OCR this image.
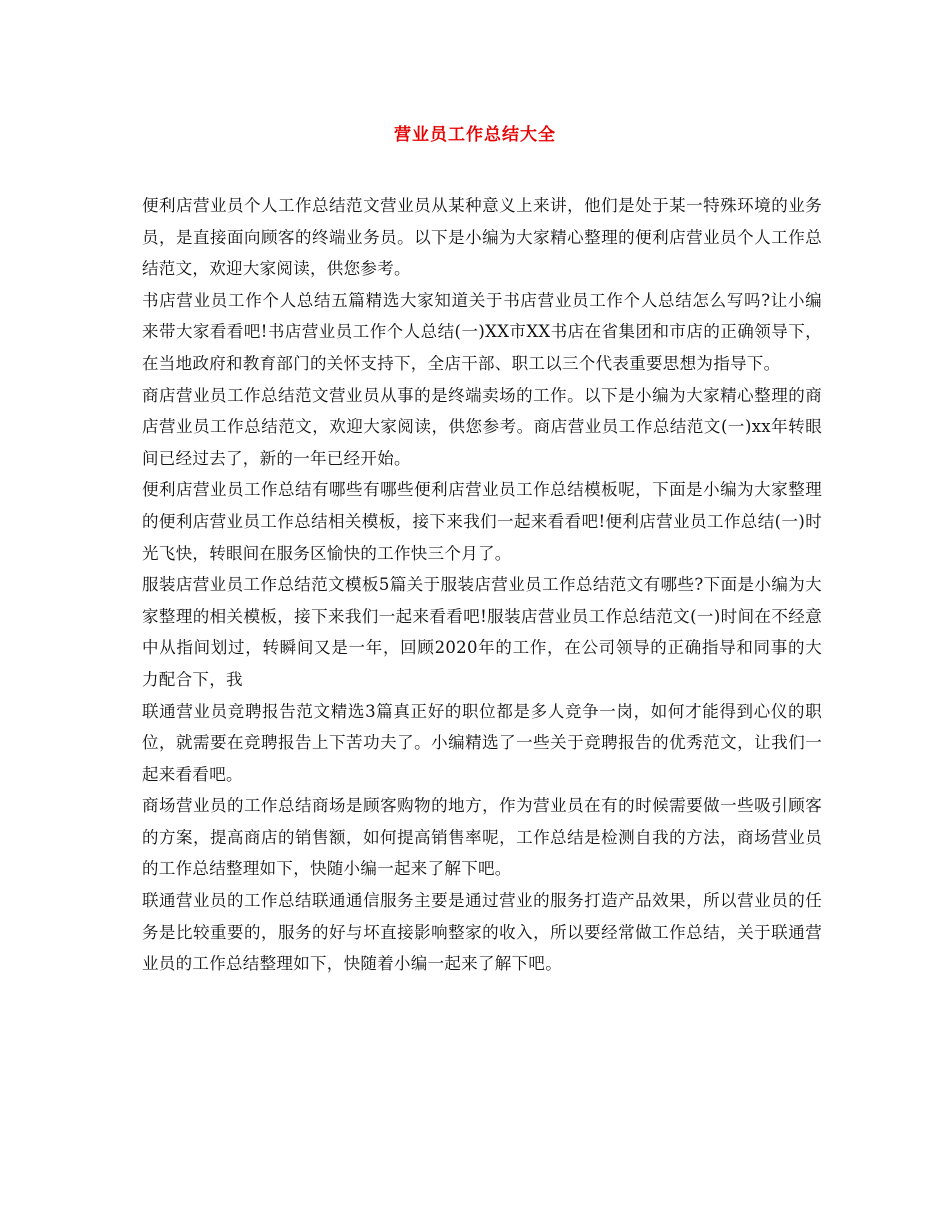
营业员工作总结大全

便利店营业员个人工作总结范文营业员从某种意义上来讲，他们是处于某一特殊环境的业务员，是直接面向顾客的终端业务员。以下是小编为大家精心整理的便利店营业员个人工作总结范文，欢迎大家阅读，供您参考。

书店营业员工作个人总结五篇精选大家知道关于书店营业员工作个人总结怎么写吗?让小编来带大家看看吧!书店营业员工作个人总结(一)XX市XX书店在省集团和市店的正确领导下，在当地政府和教育部门的关怀支持下，全店干部、职工以三个代表重要思想为指导下。

商店营业员工作总结范文营业员从事的是终端卖场的工作。以下是小编为大家精心整理的商店营业员工作总结范文，欢迎大家阅读，供您参考。商店营业员工作总结范文(一)xx年转眼间已经过去了，新的一年已经开始。

便利店营业员工作总结有哪些有哪些便利店营业员工作总结模板呢，下面是小编为大家整理的便利店营业员工作总结相关模板，接下来我们一起来看看吧!便利店营业员工作总结(一)时光飞快，转眼间在服务区愉快的工作快三个月了。

服装店营业员工作总结范文模板5篇关于服装店营业员工作总结范文有哪些?下面是小编为大家整理的相关模板，接下来我们一起来看看吧!服装店营业员工作总结范文(一)时间在不经意中从指间划过，转瞬间又是一年，回顾2020年的工作，在公司领导的正确指导和同事的大力配合下，我

联通营业员竞聘报告范文精选3篇真正好的职位都是多人竞争一岗，如何才能得到心仪的职位，就需要在竞聘报告上下苦功夫了。小编精选了一些关于竞聘报告的优秀范文，让我们一起来看看吧。

商场营业员的工作总结商场是顾客购物的地方，作为营业员在有的时候需要做一些吸引顾客的方案，提高商店的销售额，如何提高销售率呢，工作总结是检测自我的方法，商场营业员的工作总结整理如下，快随小编一起来了解下吧。

联通营业员的工作总结联通通信服务主要是通过营业的服务打造产品效果，所以营业员的任务是比较重要的，服务的好与坏直接影响整家的收入，所以要经常做工作总结，关于联通营业员的工作总结整理如下，快随着小编一起来了解下吧。
